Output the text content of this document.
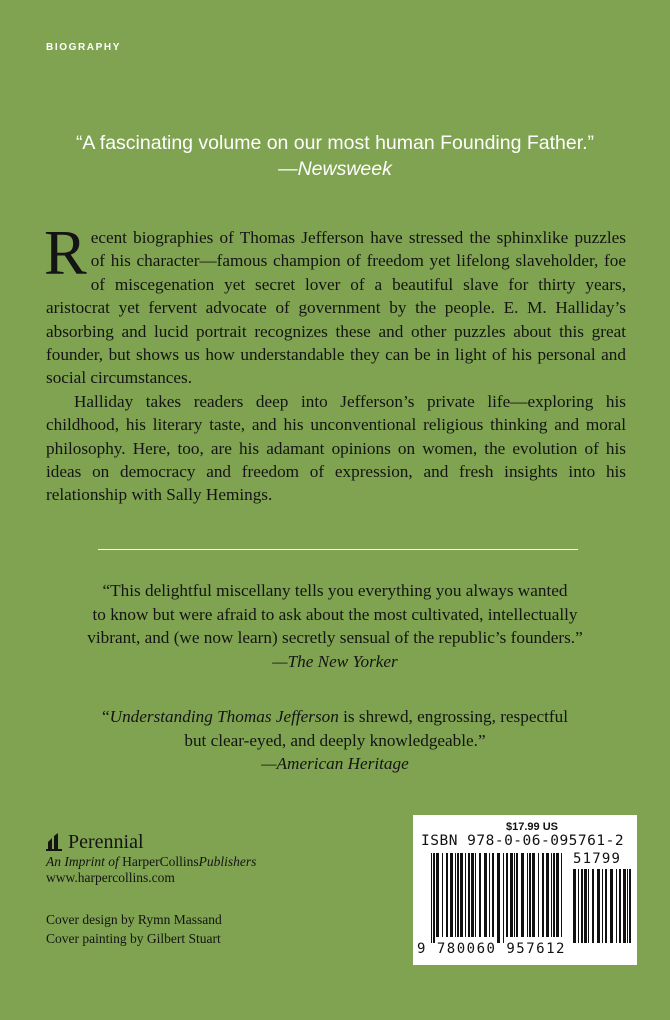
BIOGRAPHY
“A fascinating volume on our most human Founding Father.”
—Newsweek

Recent biographies of Thomas Jefferson have stressed the sphinxlike puzzles of his character—famous champion of freedom yet lifelong slaveholder, foe of miscegenation yet secret lover of a beautiful slave for thirty years, aristocrat yet fervent advocate of government by the people. E. M. Halliday’s absorbing and lucid portrait recognizes these and other puzzles about this great founder, but shows us how understandable they can be in light of his personal and social circumstances.

Halliday takes readers deep into Jefferson’s private life—exploring his childhood, his literary taste, and his unconventional religious thinking and moral philosophy. Here, too, are his adamant opinions on women, the evolution of his ideas on democracy and freedom of expression, and fresh insights into his relationship with Sally Hemings.

“This delightful miscellany tells you everything you always wanted
to know but were afraid to ask about the most cultivated, intellectually
vibrant, and (we now learn) secretly sensual of the republic’s founders.”
—The New Yorker
“Understanding Thomas Jefferson is shrewd, engrossing, respectful
but clear-eyed, and deeply knowledgeable.”
—American Heritage
Perennial
An Imprint of HarperCollinsPublishers
www.harpercollins.com
Cover design by Rymn Massand
Cover painting by Gilbert Stuart
$17.99 US
ISBN 978-0-06-095761-2
51799
9 780060 957612
